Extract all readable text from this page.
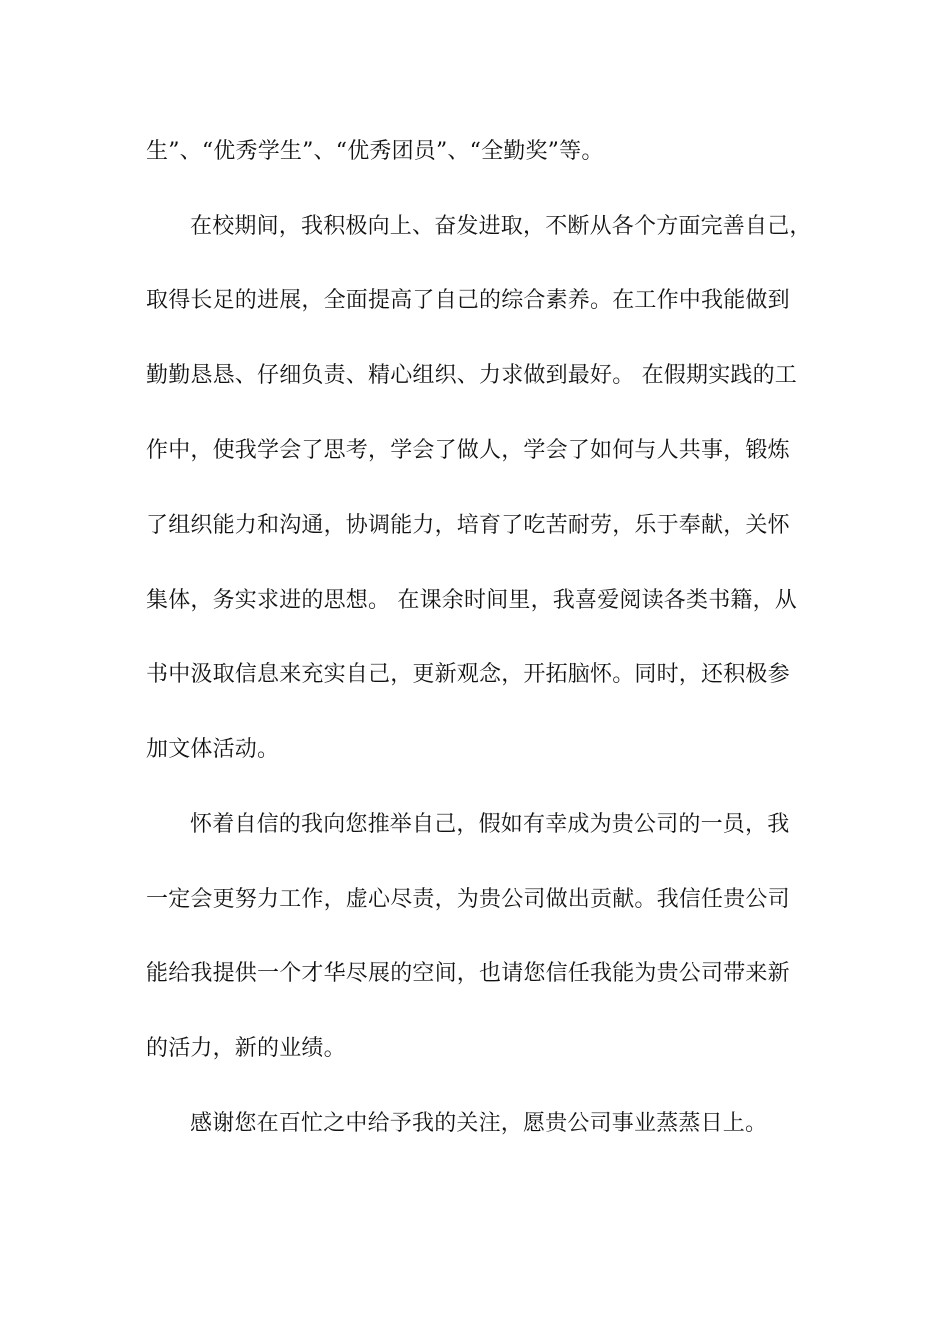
生”、“优秀学生”、“优秀团员”、“全勤奖”等。
在校期间，我积极向上、奋发进取，不断从各个方面完善自己，
取得长足的进展，全面提高了自己的综合素养。在工作中我能做到
勤勤恳恳、仔细负责、精心组织、力求做到最好。 在假期实践的工
作中，使我学会了思考，学会了做人，学会了如何与人共事，锻炼
了组织能力和沟通，协调能力，培育了吃苦耐劳，乐于奉献，关怀
集体，务实求进的思想。 在课余时间里，我喜爱阅读各类书籍，从
书中汲取信息来充实自己，更新观念，开拓脑怀。同时，还积极参
加文体活动。
怀着自信的我向您推举自己，假如有幸成为贵公司的一员，我
一定会更努力工作，虚心尽责，为贵公司做出贡献。我信任贵公司
能给我提供一个才华尽展的空间，也请您信任我能为贵公司带来新
的活力，新的业绩。
感谢您在百忙之中给予我的关注，愿贵公司事业蒸蒸日上。
